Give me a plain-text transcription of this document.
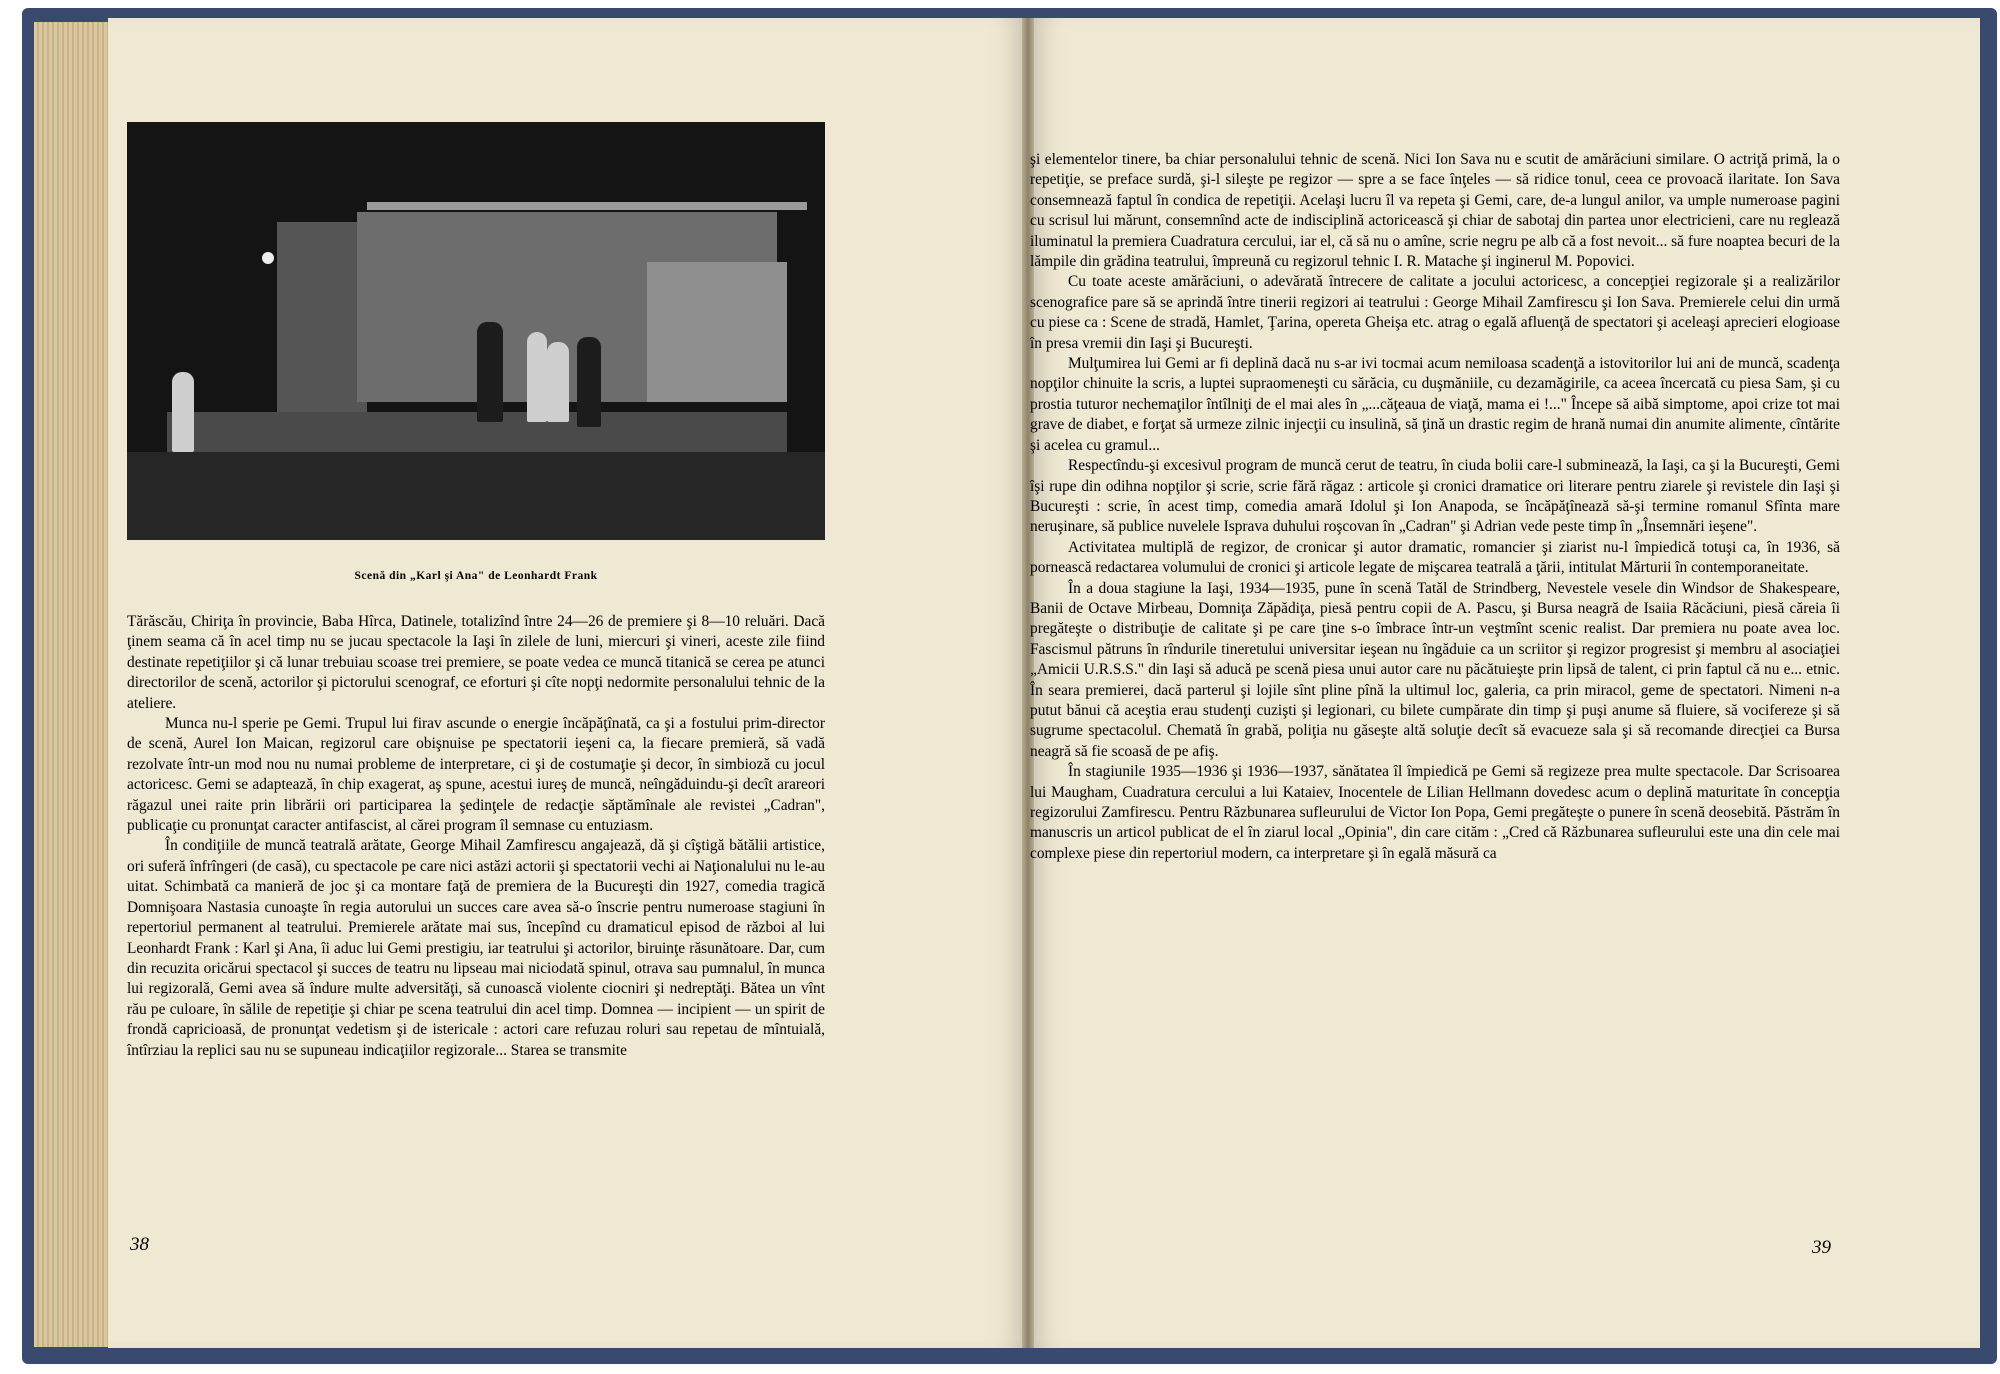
Scenă din „Karl şi Ana" de Leonhardt Frank

Tărăscău, Chiriţa în provincie, Baba Hîrca, Datinele, totalizînd între 24—26 de premiere şi 8—10 reluări. Dacă ţinem seama că în acel timp nu se jucau spectacole la Iaşi în zilele de luni, miercuri şi vineri, aceste zile fiind destinate repetiţiilor şi că lunar trebuiau scoase trei premiere, se poate vedea ce muncă titanică se cerea pe atunci directorilor de scenă, actorilor şi pictorului scenograf, ce eforturi şi cîte nopţi nedormite personalului tehnic de la ateliere.

Munca nu-l sperie pe Gemi. Trupul lui firav ascunde o energie încăpăţînată, ca şi a fostului prim-director de scenă, Aurel Ion Maican, regizorul care obişnuise pe spectatorii ieşeni ca, la fiecare premieră, să vadă rezolvate într-un mod nou nu numai probleme de interpretare, ci şi de costumaţie şi decor, în simbioză cu jocul actoricesc. Gemi se adaptează, în chip exagerat, aş spune, acestui iureş de muncă, neîngăduindu-şi decît arareori răgazul unei raite prin librării ori participarea la şedinţele de redacţie săptămînale ale revistei „Cadran", publicaţie cu pronunţat caracter antifascist, al cărei program îl semnase cu entuziasm.

În condiţiile de muncă teatrală arătate, George Mihail Zamfirescu angajează, dă şi cîştigă bătălii artistice, ori suferă înfrîngeri (de casă), cu spectacole pe care nici astăzi actorii şi spectatorii vechi ai Naţionalului nu le-au uitat. Schimbată ca manieră de joc şi ca montare faţă de premiera de la Bucureşti din 1927, comedia tragică Domnişoara Nastasia cunoaşte în regia autorului un succes care avea să-o înscrie pentru numeroase stagiuni în repertoriul permanent al teatrului. Premierele arătate mai sus, începînd cu dramaticul episod de război al lui Leonhardt Frank : Karl şi Ana, îi aduc lui Gemi prestigiu, iar teatrului şi actorilor, biruinţe răsunătoare. Dar, cum din recuzita oricărui spectacol şi succes de teatru nu lipseau mai niciodată spinul, otrava sau pumnalul, în munca lui regizorală, Gemi avea să îndure multe adversităţi, să cunoască violente ciocniri şi nedreptăţi. Bătea un vînt rău pe culoare, în sălile de repetiţie şi chiar pe scena teatrului din acel timp. Domnea — incipient — un spirit de frondă capricioasă, de pronunţat vedetism şi de istericale : actori care refuzau roluri sau repetau de mîntuială, întîrziau la replici sau nu se supuneau indicaţiilor regizorale... Starea se transmite

38

şi elementelor tinere, ba chiar personalului tehnic de scenă. Nici Ion Sava nu e scutit de amărăciuni similare. O actriţă primă, la o repetiţie, se preface surdă, şi-l sileşte pe regizor — spre a se face înţeles — să ridice tonul, ceea ce provoacă ilaritate. Ion Sava consemnează faptul în condica de repetiţii. Acelaşi lucru îl va repeta şi Gemi, care, de-a lungul anilor, va umple numeroase pagini cu scrisul lui mărunt, consemnînd acte de indisciplină actoricească şi chiar de sabotaj din partea unor electricieni, care nu reglează iluminatul la premiera Cuadratura cercului, iar el, că să nu o amîne, scrie negru pe alb că a fost nevoit... să fure noaptea becuri de la lămpile din grădina teatrului, împreună cu regizorul tehnic I. R. Matache şi inginerul M. Popovici.

Cu toate aceste amărăciuni, o adevărată întrecere de calitate a jocului actoricesc, a concepţiei regizorale şi a realizărilor scenografice pare să se aprindă între tinerii regizori ai teatrului : George Mihail Zamfirescu şi Ion Sava. Premierele celui din urmă cu piese ca : Scene de stradă, Hamlet, Ţarina, opereta Gheişa etc. atrag o egală afluenţă de spectatori şi aceleaşi aprecieri elogioase în presa vremii din Iaşi şi Bucureşti.

Mulţumirea lui Gemi ar fi deplină dacă nu s-ar ivi tocmai acum nemiloasa scadenţă a istovitorilor lui ani de muncă, scadenţa nopţilor chinuite la scris, a luptei supraomeneşti cu sărăcia, cu duşmăniile, cu dezamăgirile, ca aceea încercată cu piesa Sam, şi cu prostia tuturor nechemaţilor întîlniţi de el mai ales în „...căţeaua de viaţă, mama ei !..." Începe să aibă simptome, apoi crize tot mai grave de diabet, e forţat să urmeze zilnic injecţii cu insulină, să ţină un drastic regim de hrană numai din anumite alimente, cîntărite şi acelea cu gramul...

Respectîndu-şi excesivul program de muncă cerut de teatru, în ciuda bolii care-l subminează, la Iaşi, ca şi la Bucureşti, Gemi îşi rupe din odihna nopţilor şi scrie, scrie fără răgaz : articole şi cronici dramatice ori literare pentru ziarele şi revistele din Iaşi şi Bucureşti : scrie, în acest timp, comedia amară Idolul şi Ion Anapoda, se încăpăţînează să-şi termine romanul Sfînta mare neruşinare, să publice nuvelele Isprava duhului roşcovan în „Cadran" şi Adrian vede peste timp în „Însemnări ieşene".

Activitatea multiplă de regizor, de cronicar şi autor dramatic, romancier şi ziarist nu-l împiedică totuşi ca, în 1936, să pornească redactarea volumului de cronici şi articole legate de mişcarea teatrală a ţării, intitulat Mărturii în contemporaneitate.

În a doua stagiune la Iaşi, 1934—1935, pune în scenă Tatăl de Strindberg, Nevestele vesele din Windsor de Shakespeare, Banii de Octave Mirbeau, Domniţa Zăpădiţa, piesă pentru copii de A. Pascu, şi Bursa neagră de Isaiia Răcăciuni, piesă căreia îi pregăteşte o distribuţie de calitate şi pe care ţine s-o îmbrace într-un veştmînt scenic realist. Dar premiera nu poate avea loc. Fascismul pătruns în rîndurile tineretului universitar ieşean nu îngăduie ca un scriitor şi regizor progresist şi membru al asociaţiei „Amicii U.R.S.S." din Iaşi să aducă pe scenă piesa unui autor care nu păcătuieşte prin lipsă de talent, ci prin faptul că nu e... etnic. În seara premierei, dacă parterul şi lojile sînt pline pînă la ultimul loc, galeria, ca prin miracol, geme de spectatori. Nimeni n-a putut bănui că aceştia erau studenţi cuzişti şi legionari, cu bilete cumpărate din timp şi puşi anume să fluiere, să vocifereze şi să sugrume spectacolul. Chemată în grabă, poliţia nu găseşte altă soluţie decît să evacueze sala şi să recomande direcţiei ca Bursa neagră să fie scoasă de pe afiş.

În stagiunile 1935—1936 şi 1936—1937, sănătatea îl împiedică pe Gemi să regizeze prea multe spectacole. Dar Scrisoarea lui Maugham, Cuadratura cercului a lui Kataiev, Inocentele de Lilian Hellmann dovedesc acum o deplină maturitate în concepţia regizorului Zamfirescu. Pentru Răzbunarea sufleurului de Victor Ion Popa, Gemi pregăteşte o punere în scenă deosebită. Păstrăm în manuscris un articol publicat de el în ziarul local „Opinia", din care cităm : „Cred că Răzbunarea sufleurului este una din cele mai complexe piese din repertoriul modern, ca interpretare şi în egală măsură ca

39
